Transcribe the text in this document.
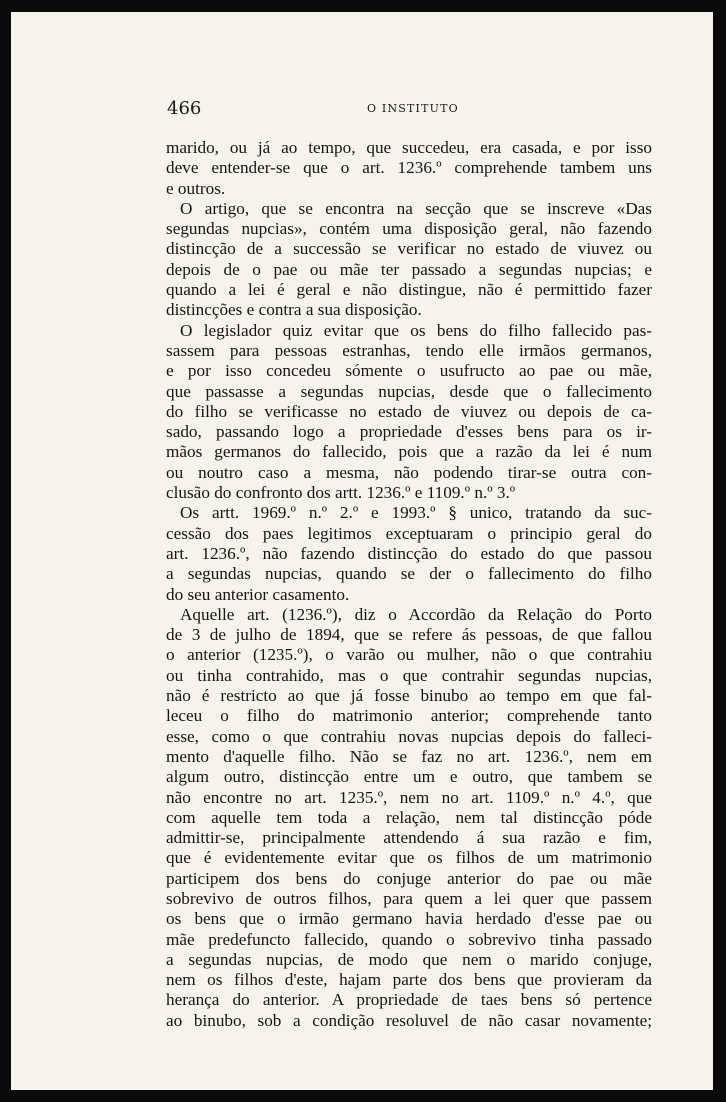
466	O INSTITUTO
marido, ou já ao tempo, que succedeu, era casada, e por isso
deve entender-se que o art. 1236.º comprehende tambem uns
e outros.
O artigo, que se encontra na secção que se inscreve «Das
segundas nupcias», contém uma disposição geral, não fazendo
distincção de a successão se verificar no estado de viuvez ou
depois de o pae ou mãe ter passado a segundas nupcias; e
quando a lei é geral e não distingue, não é permittido fazer
distincções e contra a sua disposição.
O legislador quiz evitar que os bens do filho fallecido pas-
sassem para pessoas estranhas, tendo elle irmãos germanos,
e por isso concedeu sómente o usufructo ao pae ou mãe,
que passasse a segundas nupcias, desde que o fallecimento
do filho se verificasse no estado de viuvez ou depois de ca-
sado, passando logo a propriedade d'esses bens para os ir-
mãos germanos do fallecido, pois que a razão da lei é num
ou noutro caso a mesma, não podendo tirar-se outra con-
clusão do confronto dos artt. 1236.º e 1109.º n.º 3.º
Os artt. 1969.º n.º 2.º e 1993.º § unico, tratando da suc-
cessão dos paes legitimos exceptuaram o principio geral do
art. 1236.º, não fazendo distincção do estado do que passou
a segundas nupcias, quando se der o fallecimento do filho
do seu anterior casamento.
Aquelle art. (1236.º), diz o Accordão da Relação do Porto
de 3 de julho de 1894, que se refere ás pessoas, de que fallou
o anterior (1235.º), o varão ou mulher, não o que contrahiu
ou tinha contrahido, mas o que contrahir segundas nupcias,
não é restricto ao que já fosse binubo ao tempo em que fal-
leceu o filho do matrimonio anterior; comprehende tanto
esse, como o que contrahiu novas nupcias depois do falleci-
mento d'aquelle filho. Não se faz no art. 1236.º, nem em
algum outro, distincção entre um e outro, que tambem se
não encontre no art. 1235.º, nem no art. 1109.º n.º 4.º, que
com aquelle tem toda a relação, nem tal distincção póde
admittir-se, principalmente attendendo á sua razão e fim,
que é evidentemente evitar que os filhos de um matrimonio
participem dos bens do conjuge anterior do pae ou mãe
sobrevivo de outros filhos, para quem a lei quer que passem
os bens que o irmão germano havia herdado d'esse pae ou
mãe predefuncto fallecido, quando o sobrevivo tinha passado
a segundas nupcias, de modo que nem o marido conjuge,
nem os filhos d'este, hajam parte dos bens que provieram da
herança do anterior. A propriedade de taes bens só pertence
ao binubo, sob a condição resoluvel de não casar novamente;
